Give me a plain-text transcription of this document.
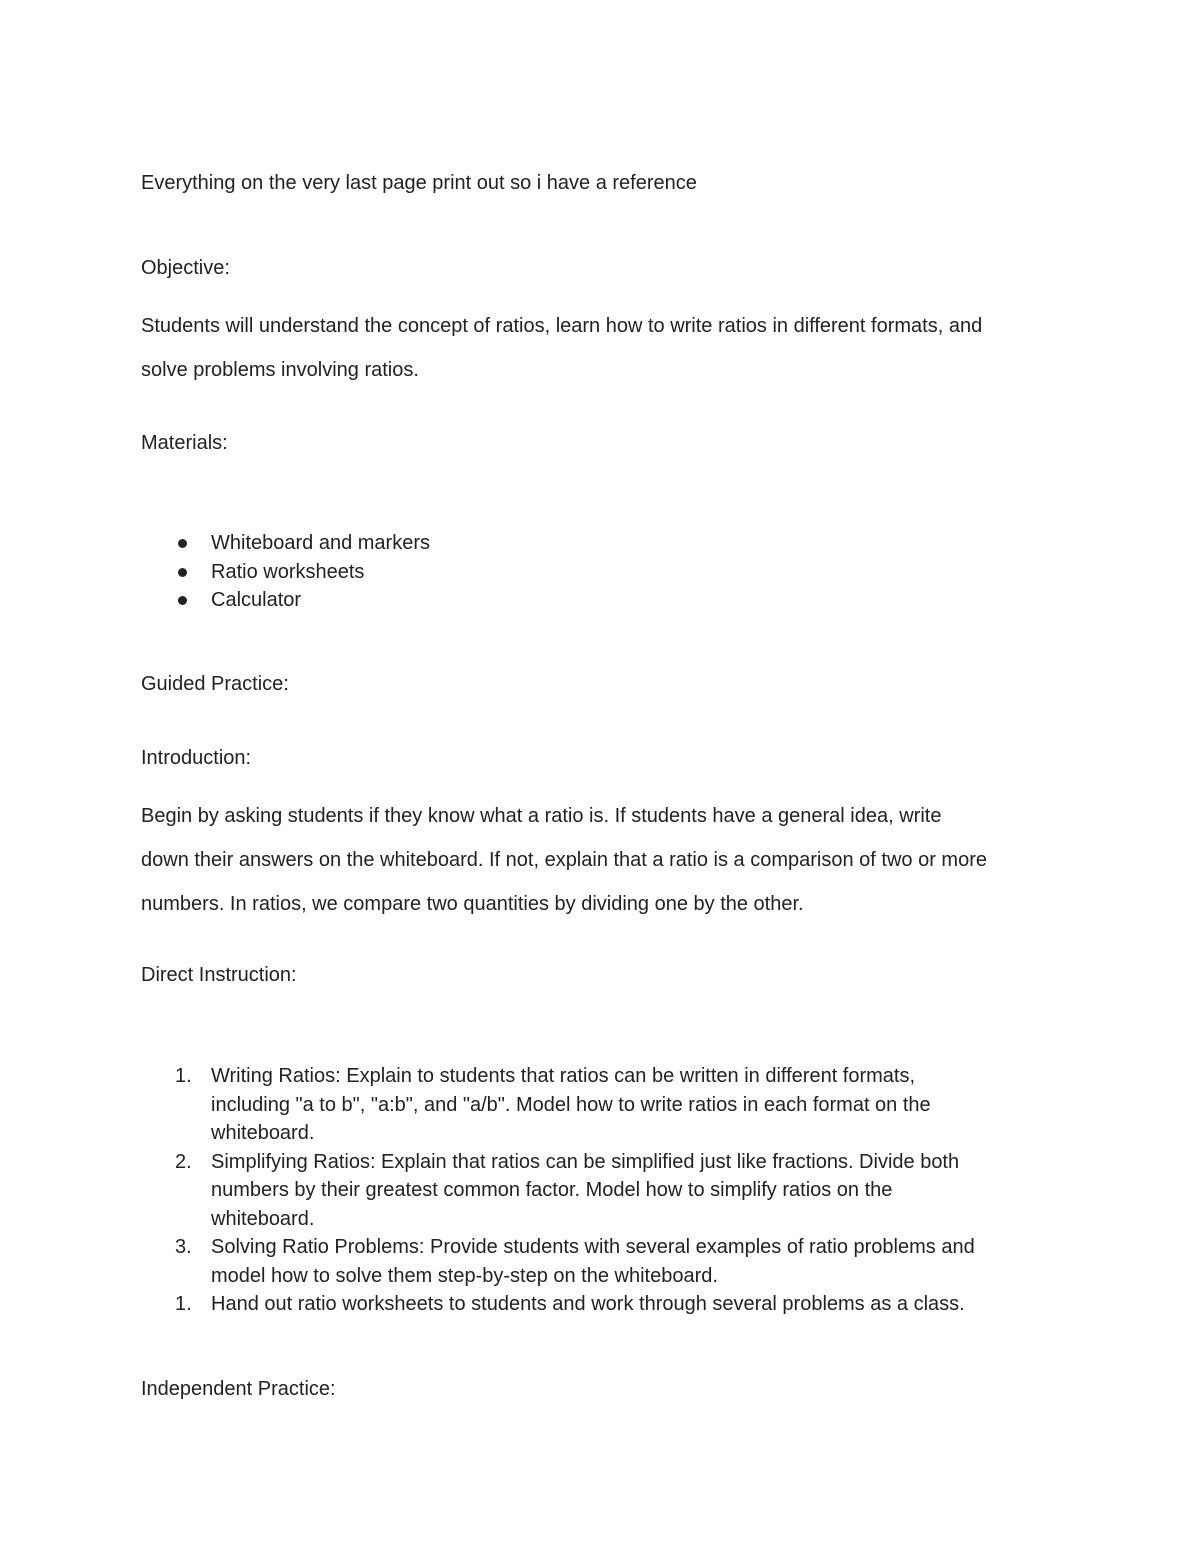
Everything on the very last page print out so i have a reference

Objective:

Students will understand the concept of ratios, learn how to write ratios in different formats, and
solve problems involving ratios.

Materials:

Whiteboard and markers
Ratio worksheets
Calculator

Guided Practice:

Introduction:

Begin by asking students if they know what a ratio is. If students have a general idea, write
down their answers on the whiteboard. If not, explain that a ratio is a comparison of two or more
numbers. In ratios, we compare two quantities by dividing one by the other.

Direct Instruction:

1. Writing Ratios: Explain to students that ratios can be written in different formats,
including "a to b", "a:b", and "a/b". Model how to write ratios in each format on the
whiteboard.
2. Simplifying Ratios: Explain that ratios can be simplified just like fractions. Divide both
numbers by their greatest common factor. Model how to simplify ratios on the
whiteboard.
3. Solving Ratio Problems: Provide students with several examples of ratio problems and
model how to solve them step-by-step on the whiteboard.
1. Hand out ratio worksheets to students and work through several problems as a class.

Independent Practice:
